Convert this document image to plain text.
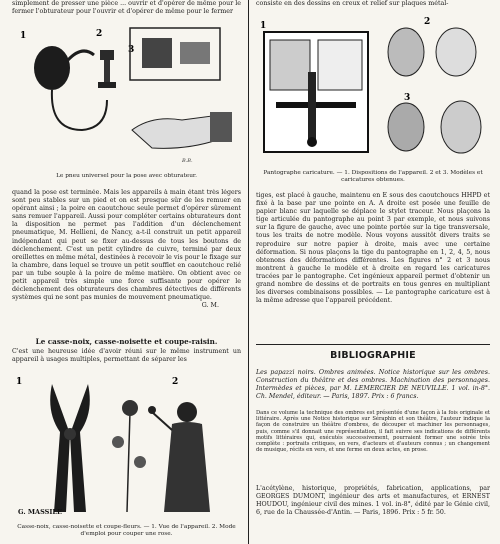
simplement de presser une pièce ... ouvrir et d'opérer de même pour le fermer l'obturateur pour l'ouvrir et d'opérer de même pour le fermer
1	2
3
B.B.
Le pneu universel pour la pose avec obturateur.
quand la pose est terminée. Mais les appareils à main étant très légers sont peu stables sur un pied et on est presque sûr de les remuer en opérant ainsi ; la poire en caoutchouc seule permet d'opérer sûrement sans remuer l'appareil. Aussi pour compléter certains obturateurs dont la disposition ne permet pas l'addition d'un déclenchement pneumatique, M. Hellieni, de Nancy, a-t-il construit un petit appareil indépendant qui peut se fixer au-dessus de tous les boutons de déclenchement. C'est un petit cylindre de cuivre, terminé par deux oreillettes en même métal, destinées à recevoir le vis pour le fixage sur la chambre, dans lequel se trouve un petit soufflet en caoutchouc relié par un tube souple à la poire de même matière. On obtient avec ce petit appareil très simple une force suffisante pour opérer le déclenchement des obturateurs des chambres détectives de différents systèmes qui ne sont pas munies de mouvement pneumatique.
G. M.
Le casse-noix, casse-noisette et coupe-raisin.
C'est une heureuse idée d'avoir réuni sur le même instrument un appareil à usages multiples, permettant de séparer les
1	2
G. MASSILE
Casse-noix, casse-noisette et coupe-fleurs. — 1. Vue de l'appareil. 2. Mode d'emploi pour couper une rose.
consiste en des dessins en creux et relief sur plaques métal-
1	2
3
Pantographe caricature. — 1. Dispositions de l'appareil. 2 et 3. Modèles et caricatures obtenues.
tiges, est placé à gauche, maintenu en E sous des caoutchoucs HHPD et fixé à la base par une pointe en A. A droite est posée une feuille de papier blanc sur laquelle se déplace le stylet traceur. Nous plaçons la tige articulée du pantographe au point 3 par exemple, et nous suivons sur la figure de gauche, avec une pointe portée sur la tige transversale, tous les traits de notre modèle. Nous voyons aussitôt divers traits se reproduire sur notre papier à droite, mais avec une certaine déformation. Si nous plaçons la tige du pantographe en 1, 2, 4, 5, nous obtenons des déformations différentes. Les figures n° 2 et 3 nous montrent à gauche le modèle et à droite en regard les caricatures tracées par le pantographe. Cet ingénieux appareil permet d'obtenir un grand nombre de dessins et de portraits en tous genres en multipliant les diverses combinaisons possibles. — Le pantographe caricature est à la même adresse que l'appareil précédent.
BIBLIOGRAPHIE
Les papazzi noirs. Ombres animées. Notice historique sur les ombres. Construction du théâtre et des ombres. Machination des personnages. Intermèdes et pièces, par M. LEMERCIER DE NEUVILLE. 1 vol. in-8°. Ch. Mendel, éditeur. — Paris, 1897. Prix : 6 francs.
Dans ce volume la technique des ombres est présentée d'une façon à la fois originale et littéraire. Après une Notice historique sur Séraphin et son théâtre, l'auteur indique la façon de construire un théâtre d'ombres, de découper et machiner les personnages, puis, comme s'il donnait une représentation, il fait suivre ses indications de différents motifs littéraires qui, exécutés successivement, pourraient former une soirée très complète : portraits critiques, en vers, d'acteurs et d'auteurs connus ; un changement de musique, récits en vers, et une ferme en deux actes, en prose.
L'acétylène, historique, propriétés, fabrication, applications, par GEORGES DUMONT, ingénieur des arts et manufactures, et ERNEST HOUDOU, ingénieur civil des mines. 1 vol. in-8°, édité par le Génie civil, 6, rue de la Chaussée-d'Antin. — Paris, 1896. Prix : 5 fr. 50.
